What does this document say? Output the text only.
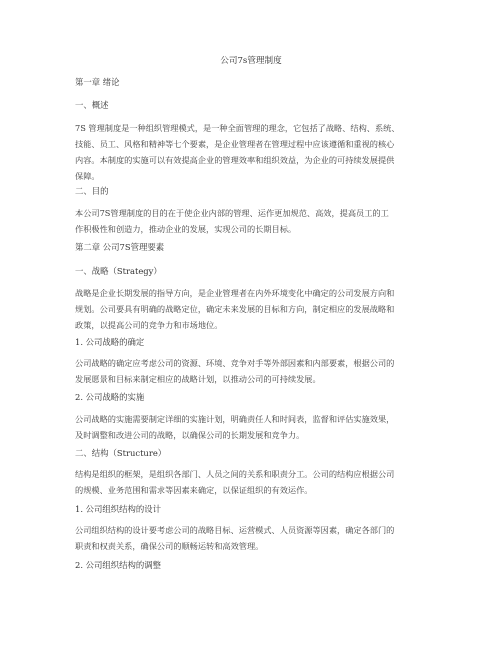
公司7s管理制度
第一章 绪论
一、概述
7S 管理制度是一种组织管理模式，是一种全面管理的理念，它包括了战略、结构、系统、
技能、员工、风格和精神等七个要素，是企业管理者在管理过程中应该遵循和重视的核心
内容。本制度的实施可以有效提高企业的管理效率和组织效益，为企业的可持续发展提供
保障。
二、目的
本公司7S管理制度的目的在于使企业内部的管理、运作更加规范、高效，提高员工的工
作积极性和创造力，推动企业的发展，实现公司的长期目标。
第二章 公司7S管理要素
一、战略（Strategy）
战略是企业长期发展的指导方向，是企业管理者在内外环境变化中确定的公司发展方向和
规划。公司要具有明确的战略定位，确定未来发展的目标和方向，制定相应的发展战略和
政策，以提高公司的竞争力和市场地位。
1. 公司战略的确定
公司战略的确定应考虑公司的资源、环境、竞争对手等外部因素和内部要素，根据公司的
发展愿景和目标来制定相应的战略计划，以推动公司的可持续发展。
2. 公司战略的实施
公司战略的实施需要制定详细的实施计划，明确责任人和时间表，监督和评估实施效果，
及时调整和改进公司的战略，以确保公司的长期发展和竞争力。
二、结构（Structure）
结构是组织的框架，是组织各部门、人员之间的关系和职责分工。公司的结构应根据公司
的规模、业务范围和需求等因素来确定，以保证组织的有效运作。
1. 公司组织结构的设计
公司组织结构的设计要考虑公司的战略目标、运营模式、人员资源等因素，确定各部门的
职责和权责关系，确保公司的顺畅运转和高效管理。
2. 公司组织结构的调整
